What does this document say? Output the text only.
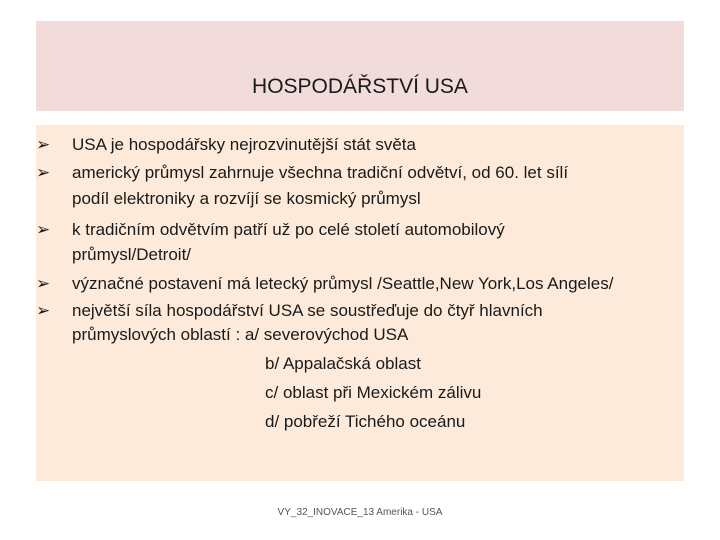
HOSPODÁŘSTVÍ USA
➢	USA je hospodářsky nejrozvinutější stát světa
➢	americký průmysl zahrnuje všechna tradiční odvětví, od 60. let sílí
podíl elektroniky a rozvíjí se kosmický průmysl
➢	k tradičním odvětvím patří už po celé století automobilový
průmysl/Detroit/
➢	význačné postavení má letecký průmysl /Seattle,New York,Los Angeles/
➢	největší síla hospodářství USA se soustřeďuje do čtyř hlavních
průmyslových oblastí : a/ severovýchod USA
b/ Appalačská oblast
c/ oblast při Mexickém zálivu
d/ pobřeží Tichého oceánu
VY_32_INOVACE_13 Amerika - USA
